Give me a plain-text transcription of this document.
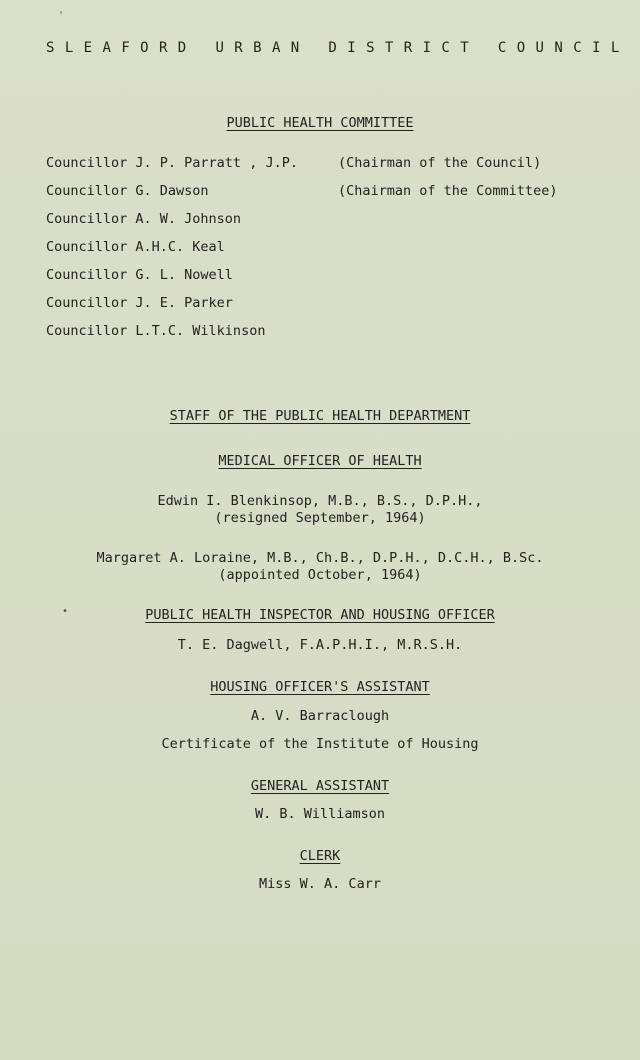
'
SLEAFORD URBAN DISTRICT COUNCIL
PUBLIC HEALTH COMMITTEE
Councillor J. P. Parratt , J.P.	(Chairman of the Council)
Councillor G. Dawson	(Chairman of the Committee)
Councillor A. W. Johnson
Councillor A.H.C. Keal
Councillor G. L. Nowell
Councillor J. E. Parker
Councillor L.T.C. Wilkinson
STAFF OF THE PUBLIC HEALTH DEPARTMENT
MEDICAL OFFICER OF HEALTH
Edwin I. Blenkinsop, M.B., B.S., D.P.H.,
(resigned September, 1964)
Margaret A. Loraine, M.B., Ch.B., D.P.H., D.C.H., B.Sc.
(appointed October, 1964)
•	PUBLIC HEALTH INSPECTOR AND HOUSING OFFICER
T. E. Dagwell, F.A.P.H.I., M.R.S.H.
HOUSING OFFICER'S ASSISTANT
A. V. Barraclough
Certificate of the Institute of Housing
GENERAL ASSISTANT
W. B. Williamson
CLERK
Miss W. A. Carr
